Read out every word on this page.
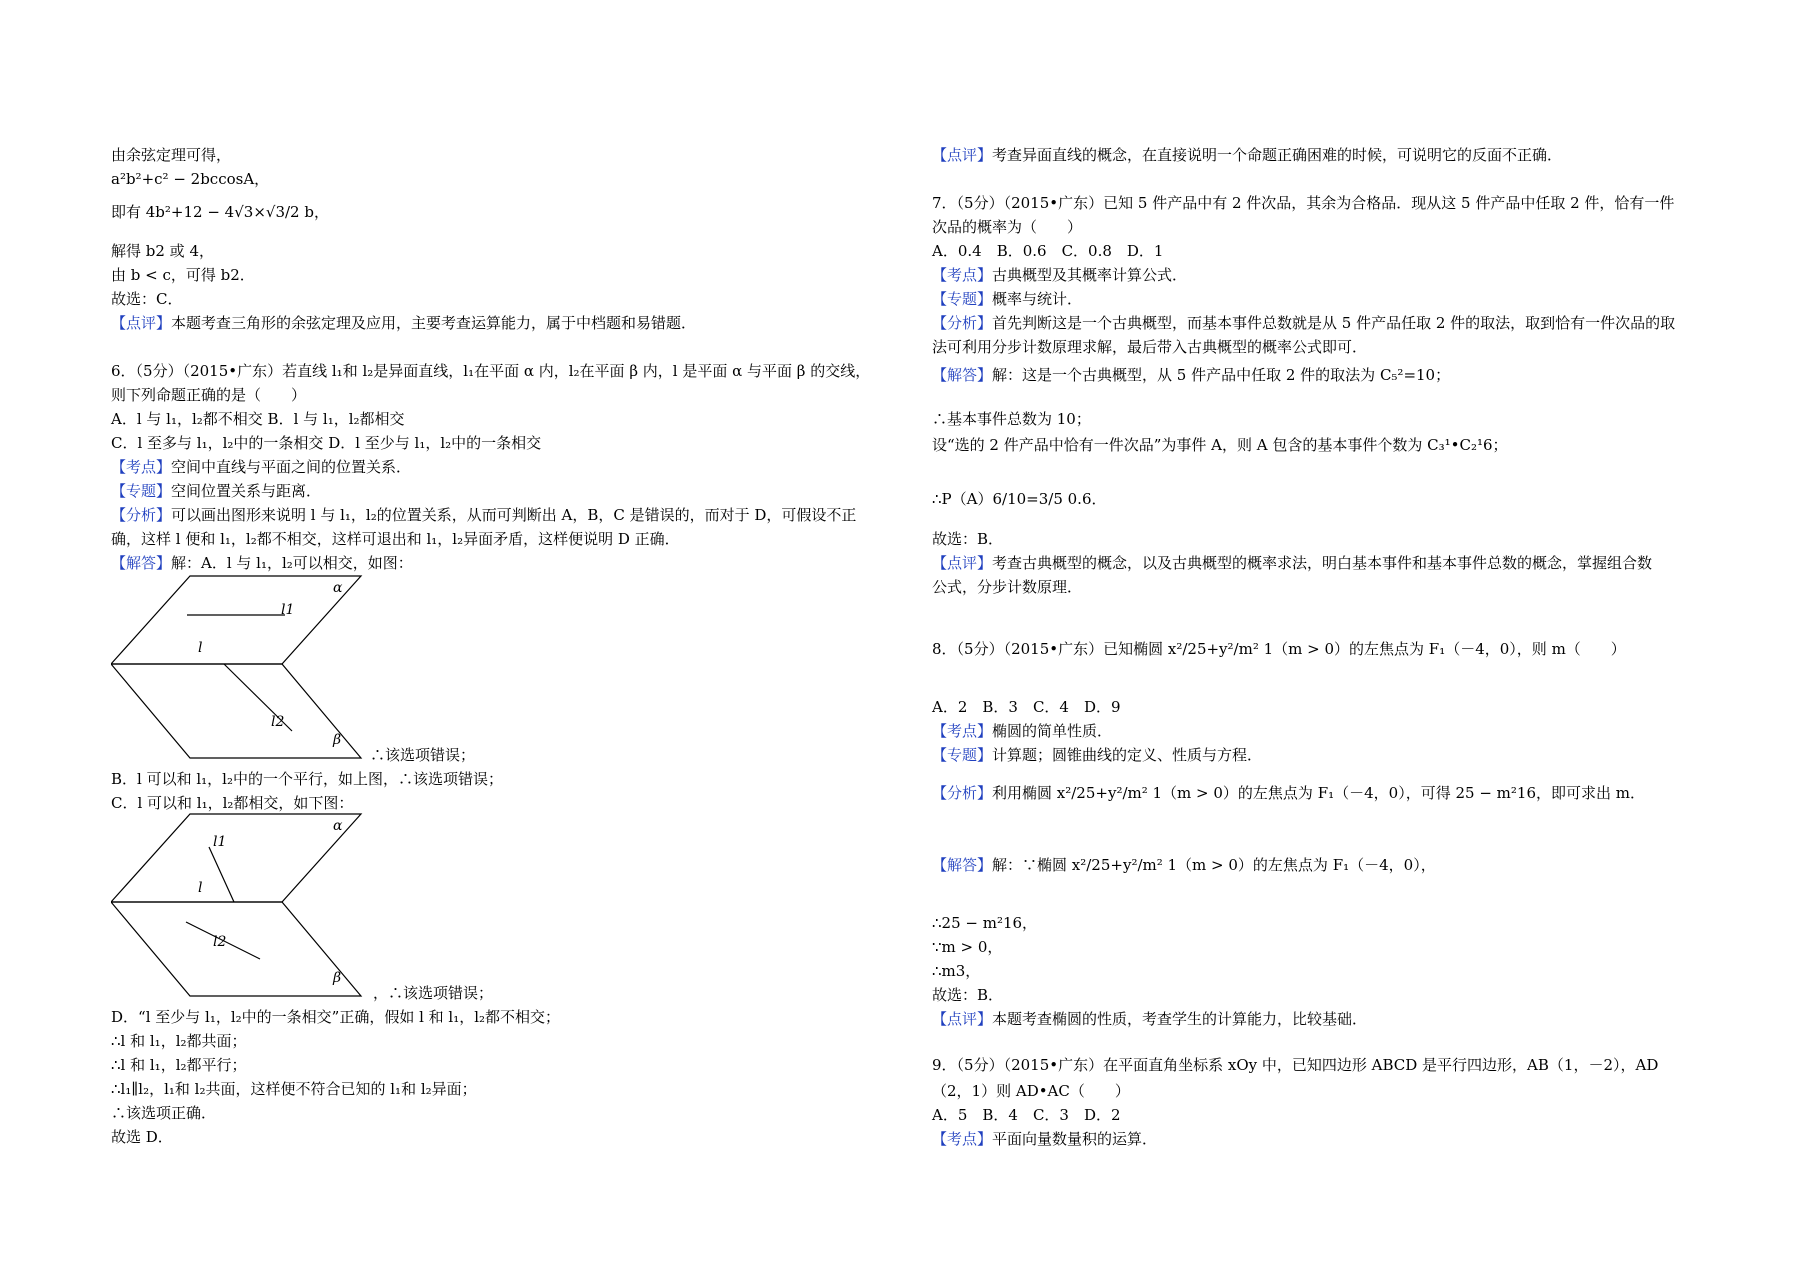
由余弦定理可得，
a²b²+c² − 2bccosA，
即有 4b²+12 − 4√3×√3/2 b，
解得 b2 或 4，
由 b < c，可得 b2．
故选：C．
【点评】本题考查三角形的余弦定理及应用，主要考查运算能力，属于中档题和易错题．
6．（5分）（2015•广东）若直线 l₁和 l₂是异面直线，l₁在平面 α 内，l₂在平面 β 内，l 是平面 α 与平面 β 的交线，
则下列命题正确的是（　　）
A．l 与 l₁，l₂都不相交 B．l 与 l₁，l₂都相交
C．l 至多与 l₁，l₂中的一条相交 D．l 至少与 l₁，l₂中的一条相交
【考点】空间中直线与平面之间的位置关系．
【专题】空间位置关系与距离．
【分析】可以画出图形来说明 l 与 l₁，l₂的位置关系，从而可判断出 A，B，C 是错误的，而对于 D，可假设不正
确，这样 l 便和 l₁，l₂都不相交，这样可退出和 l₁，l₂异面矛盾，这样便说明 D 正确．
【解答】解：A．l 与 l₁，l₂可以相交，如图：
α
l1
l
l2
β
∴该选项错误；
B．l 可以和 l₁，l₂中的一个平行，如上图，∴该选项错误；
C．l 可以和 l₁，l₂都相交，如下图：
α
l1
l
l2
β
，∴该选项错误；
D．“l 至少与 l₁，l₂中的一条相交”正确，假如 l 和 l₁，l₂都不相交；
∴l 和 l₁，l₂都共面；
∴l 和 l₁，l₂都平行；
∴l₁∥l₂，l₁和 l₂共面，这样便不符合已知的 l₁和 l₂异面；
∴该选项正确．
故选 D．
【点评】考查异面直线的概念，在直接说明一个命题正确困难的时候，可说明它的反面不正确．
7．（5分）（2015•广东）已知 5 件产品中有 2 件次品，其余为合格品．现从这 5 件产品中任取 2 件，恰有一件
次品的概率为（　　）
A．0.4　B．0.6　C．0.8　D．1
【考点】古典概型及其概率计算公式．
【专题】概率与统计．
【分析】首先判断这是一个古典概型，而基本事件总数就是从 5 件产品任取 2 件的取法，取到恰有一件次品的取
法可利用分步计数原理求解，最后带入古典概型的概率公式即可．
【解答】解：这是一个古典概型，从 5 件产品中任取 2 件的取法为 C₅²=10；
∴基本事件总数为 10；
设“选的 2 件产品中恰有一件次品”为事件 A，则 A 包含的基本事件个数为 C₃¹•C₂¹6；
∴P（A）6/10=3/5 0.6．
故选：B．
【点评】考查古典概型的概念，以及古典概型的概率求法，明白基本事件和基本事件总数的概念，掌握组合数
公式，分步计数原理．
8．（5分）（2015•广东）已知椭圆 x²/25+y²/m² 1（m > 0）的左焦点为 F₁（－4，0），则 m（　　）
A．2　B．3　C．4　D．9
【考点】椭圆的简单性质．
【专题】计算题；圆锥曲线的定义、性质与方程．
【分析】利用椭圆 x²/25+y²/m² 1（m > 0）的左焦点为 F₁（－4，0），可得 25 − m²16，即可求出 m．
【解答】解：∵椭圆 x²/25+y²/m² 1（m > 0）的左焦点为 F₁（－4，0），
∴25 − m²16，
∵m > 0，
∴m3，
故选：B．
【点评】本题考查椭圆的性质，考查学生的计算能力，比较基础．
9．（5分）（2015•广东）在平面直角坐标系 xOy 中，已知四边形 ABCD 是平行四边形，AB（1，－2），AD
（2，1）则 AD•AC（　　）
A．5　B．4　C．3　D．2
【考点】平面向量数量积的运算．
